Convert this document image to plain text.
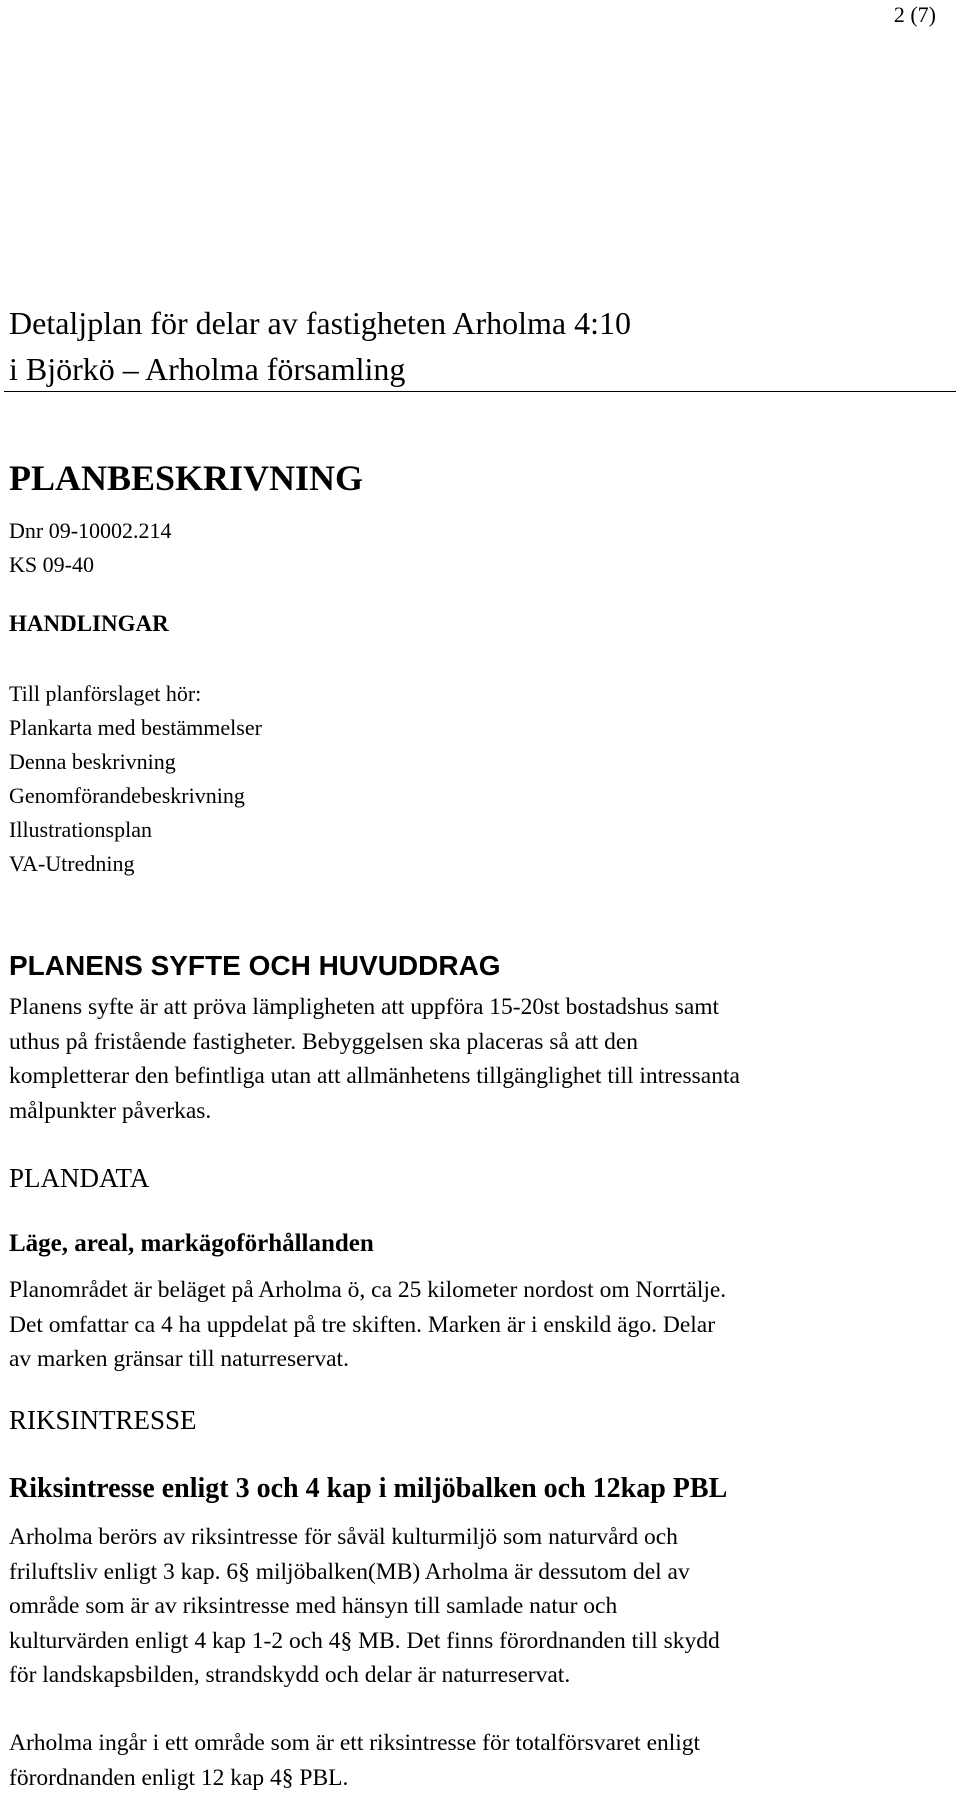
2 (7)
Detaljplan för delar av fastigheten Arholma 4:10
i Björkö – Arholma församling
PLANBESKRIVNING
Dnr 09-10002.214
KS 09-40
HANDLINGAR
Till planförslaget hör:
Plankarta med bestämmelser
Denna beskrivning
Genomförandebeskrivning
Illustrationsplan
VA-Utredning
PLANENS SYFTE OCH HUVUDDRAG

Planens syfte är att pröva lämpligheten att uppföra 15-20st bostadshus samt

uthus på fristående fastigheter. Bebyggelsen ska placeras så att den

kompletterar den befintliga utan att allmänhetens tillgänglighet till intressanta

målpunkter påverkas.

PLANDATA
Läge, areal, markägoförhållanden

Planområdet är beläget på Arholma ö, ca 25 kilometer nordost om Norrtälje.

Det omfattar ca 4 ha uppdelat på tre skiften. Marken är i enskild ägo. Delar

av marken gränsar till naturreservat.

RIKSINTRESSE
Riksintresse enligt 3 och 4 kap i miljöbalken och 12kap PBL

Arholma berörs av riksintresse för såväl kulturmiljö som naturvård och

friluftsliv enligt 3 kap. 6§ miljöbalken(MB) Arholma är dessutom del av

område som är av riksintresse med hänsyn till samlade natur och

kulturvärden enligt 4 kap 1-2 och 4§ MB. Det finns förordnanden till skydd

för landskapsbilden, strandskydd och delar är naturreservat.

Arholma ingår i ett område som är ett riksintresse för totalförsvaret enligt

förordnanden enligt 12 kap 4§ PBL.
